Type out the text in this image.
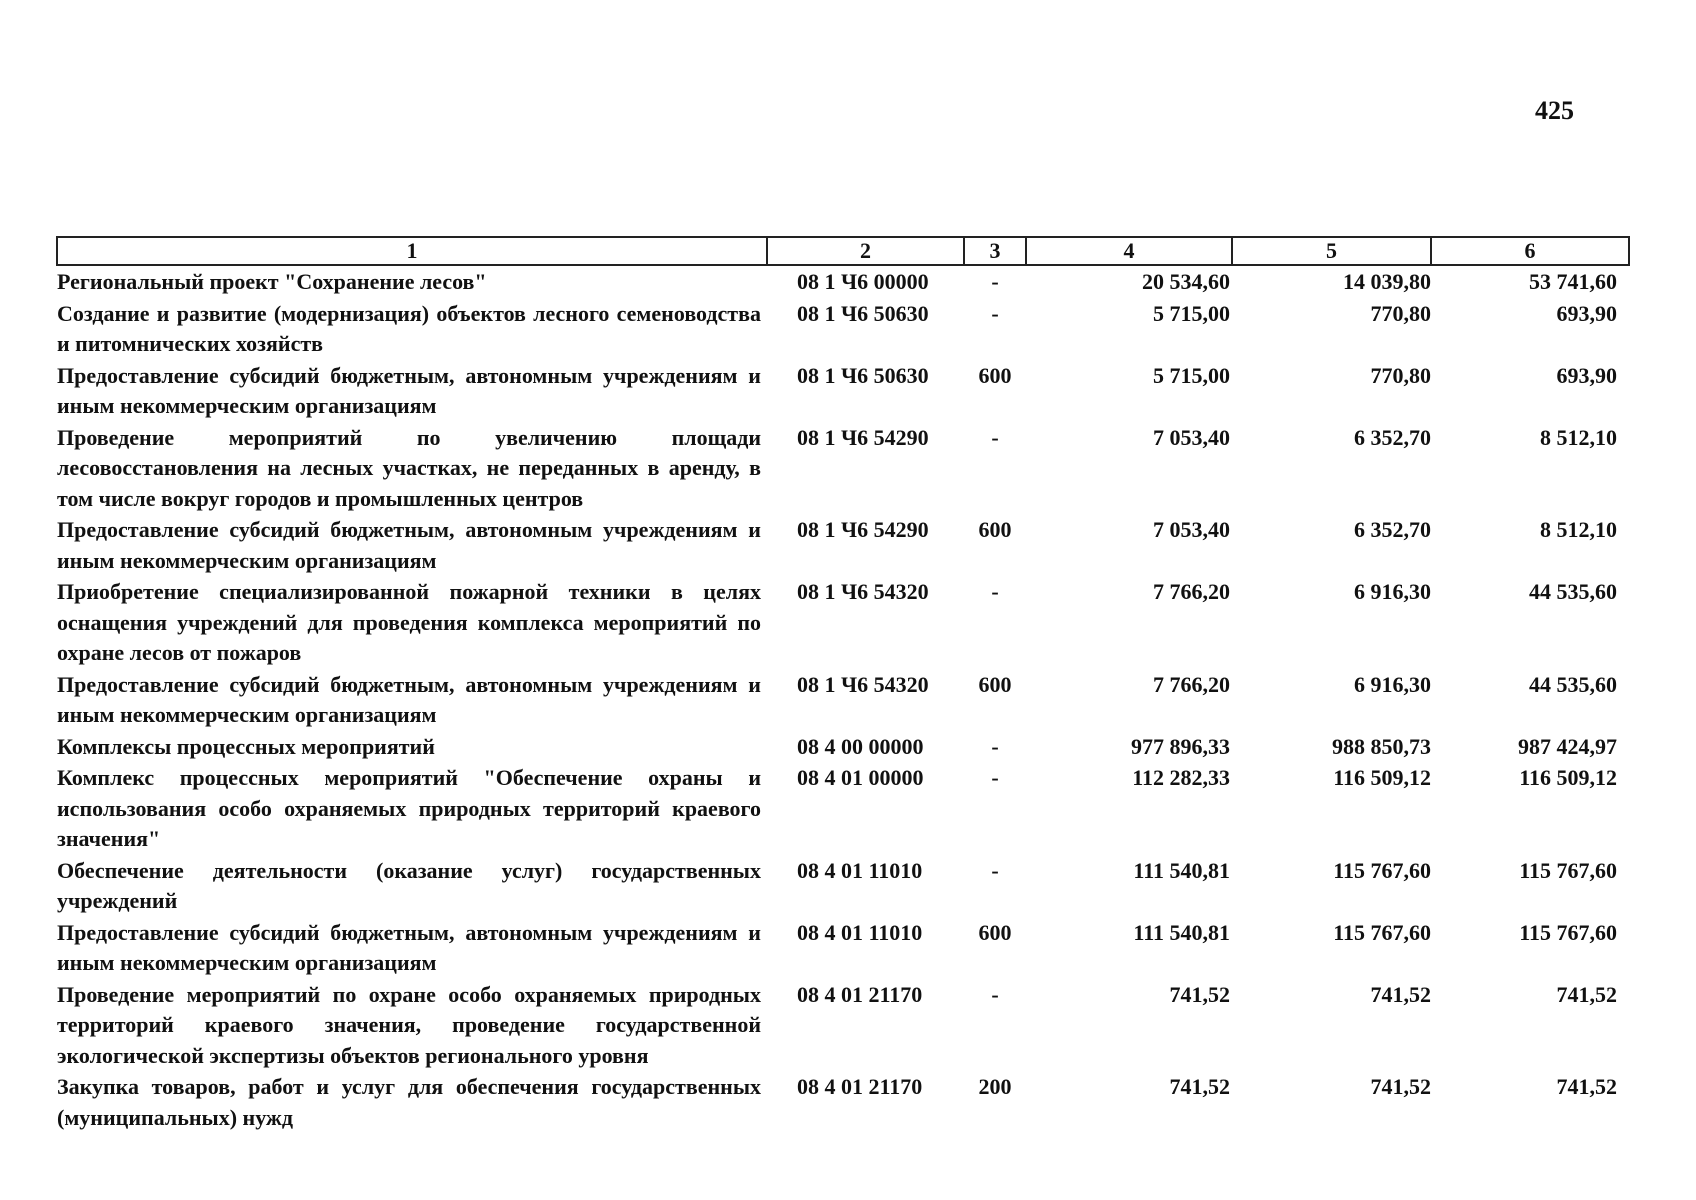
425
1	2	3	4	5	6
Региональный проект "Сохранение лесов"	08 1 Ч6 00000	-	20 534,60	14 039,80	53 741,60
Создание и развитие (модернизация) объектов лесного семеноводства и питомнических хозяйств	08 1 Ч6 50630	-	5 715,00	770,80	693,90
Предоставление субсидий бюджетным, автономным учреждениям и иным некоммерческим организациям	08 1 Ч6 50630	600	5 715,00	770,80	693,90
Проведение мероприятий по увеличению площади лесовосстановления на лесных участках, не переданных в аренду, в том числе вокруг городов и промышленных центров	08 1 Ч6 54290	-	7 053,40	6 352,70	8 512,10
Предоставление субсидий бюджетным, автономным учреждениям и иным некоммерческим организациям	08 1 Ч6 54290	600	7 053,40	6 352,70	8 512,10
Приобретение специализированной пожарной техники в целях оснащения учреждений для проведения комплекса мероприятий по охране лесов от пожаров	08 1 Ч6 54320	-	7 766,20	6 916,30	44 535,60
Предоставление субсидий бюджетным, автономным учреждениям и иным некоммерческим организациям	08 1 Ч6 54320	600	7 766,20	6 916,30	44 535,60
Комплексы процессных мероприятий	08 4 00 00000	-	977 896,33	988 850,73	987 424,97
Комплекс процессных мероприятий "Обеспечение охраны и использования особо охраняемых природных территорий краевого значения"	08 4 01 00000	-	112 282,33	116 509,12	116 509,12
Обеспечение деятельности (оказание услуг) государственных учреждений	08 4 01 11010	-	111 540,81	115 767,60	115 767,60
Предоставление субсидий бюджетным, автономным учреждениям и иным некоммерческим организациям	08 4 01 11010	600	111 540,81	115 767,60	115 767,60
Проведение мероприятий по охране особо охраняемых природных территорий краевого значения, проведение государственной экологической экспертизы объектов регионального уровня	08 4 01 21170	-	741,52	741,52	741,52
Закупка товаров, работ и услуг для обеспечения государственных (муниципальных) нужд	08 4 01 21170	200	741,52	741,52	741,52
